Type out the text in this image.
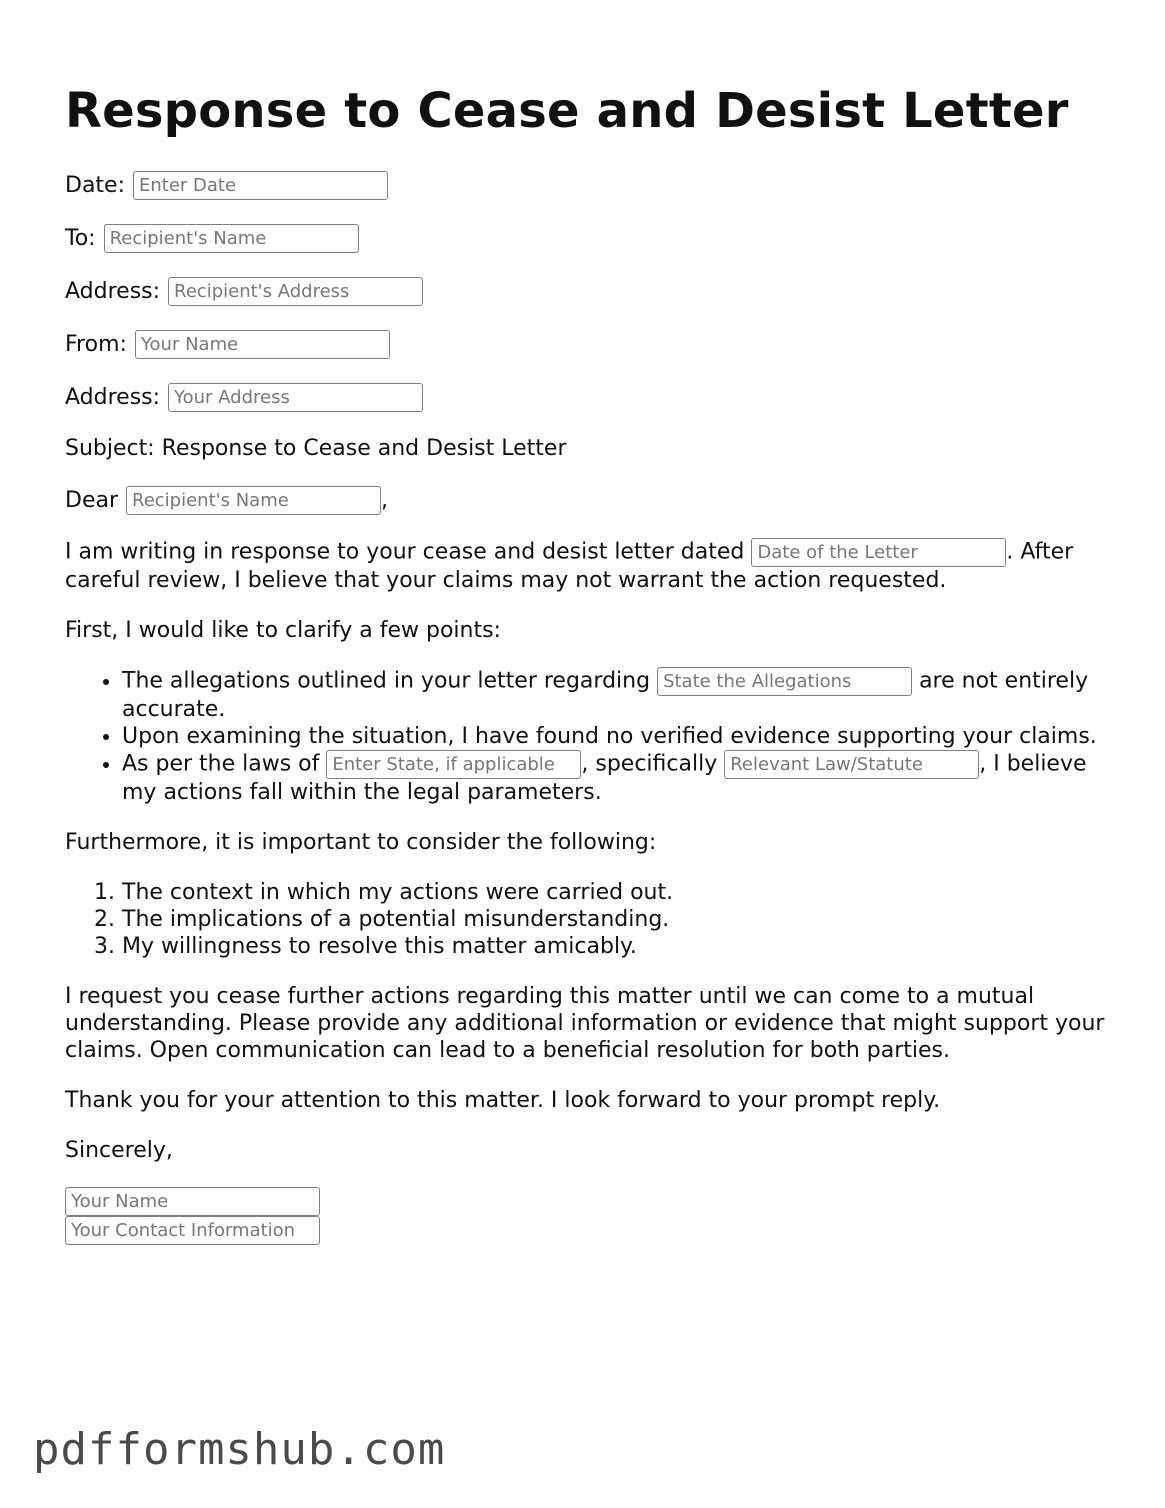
Response to Cease and Desist Letter
Date:
Enter Date
To:
Recipient's Name
Address:
Recipient's Address
From:
Your Name
Address:
Your Address

Subject: Response to Cease and Desist Letter

Dear
Recipient's Name	,

I am writing in response to your cease and desist letter dated Date of the Letter	. After careful review, I believe that your claims may not warrant the action requested.

First, I would like to clarify a few points:

• The allegations outlined in your letter regarding State the Allegations	are not entirely accurate.
• Upon examining the situation, I have found no verified evidence supporting your claims.
• As per the laws of Enter State, if applicable	, specifically Relevant Law/Statute	, I believe my actions fall within the legal parameters.

Furthermore, it is important to consider the following:

1. The context in which my actions were carried out.
2. The implications of a potential misunderstanding.
3. My willingness to resolve this matter amicably.

I request you cease further actions regarding this matter until we can come to a mutual understanding. Please provide any additional information or evidence that might support your claims. Open communication can lead to a beneficial resolution for both parties.

Thank you for your attention to this matter. I look forward to your prompt reply.

Sincerely,

Your Name
Your Contact Information
pdfformshub.com
